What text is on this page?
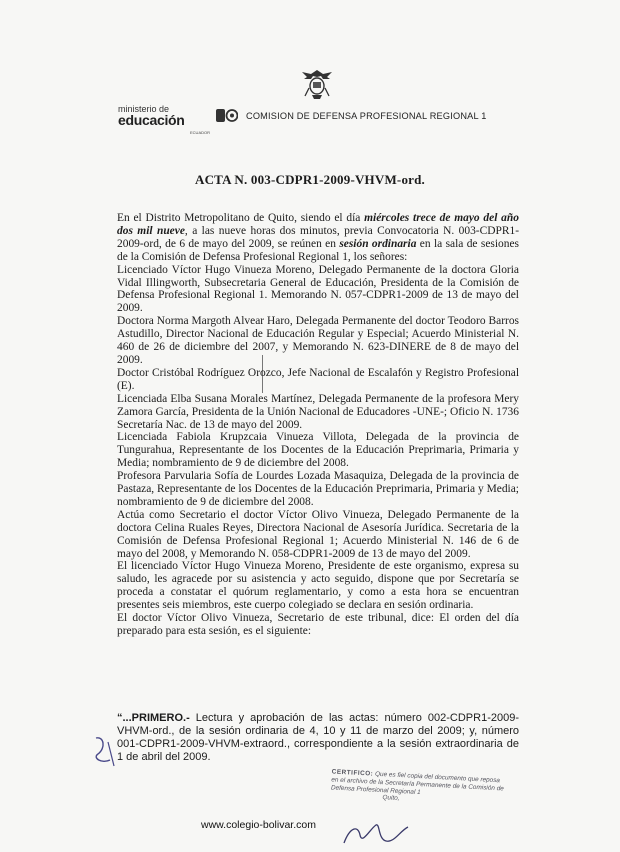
ministerio de
educación
ECUADOR
COMISION DE DEFENSA PROFESIONAL REGIONAL 1
ACTA N. 003-CDPR1-2009-VHVM-ord.

En el Distrito Metropolitano de Quito, siendo el día miércoles trece de mayo del año dos mil nueve, a las nueve horas dos minutos, previa Convocatoria N. 003-CDPR1-2009-ord, de 6 de mayo del 2009, se reúnen en sesión ordinaria en la sala de sesiones de la Comisión de Defensa Profesional Regional 1, los señores:

Licenciado Víctor Hugo Vinueza Moreno, Delegado Permanente de la doctora Gloria Vidal Illingworth, Subsecretaria General de Educación, Presidenta de la Comisión de Defensa Profesional Regional 1. Memorando N. 057-CDPR1-2009 de 13 de mayo del 2009.

Doctora Norma Margoth Alvear Haro, Delegada Permanente del doctor Teodoro Barros Astudillo, Director Nacional de Educación Regular y Especial; Acuerdo Ministerial N. 460 de 26 de diciembre del 2007, y Memorando N. 623-DINERE de 8 de mayo del 2009.

Doctor Cristóbal Rodríguez Orozco, Jefe Nacional de Escalafón y Registro Profesional (E).

Licenciada Elba Susana Morales Martínez, Delegada Permanente de la profesora Mery Zamora García, Presidenta de la Unión Nacional de Educadores -UNE-; Oficio N. 1736 Secretaría Nac. de 13 de mayo del 2009.

Licenciada Fabiola Krupzcaia Vinueza Villota, Delegada de la provincia de Tungurahua, Representante de los Docentes de la Educación Preprimaria, Primaria y Media; nombramiento de 9 de diciembre del 2008.

Profesora Parvularia Sofía de Lourdes Lozada Masaquiza, Delegada de la provincia de Pastaza, Representante de los Docentes de la Educación Preprimaria, Primaria y Media; nombramiento de 9 de diciembre del 2008.

Actúa como Secretario el doctor Víctor Olivo Vinueza, Delegado Permanente de la doctora Celina Ruales Reyes, Directora Nacional de Asesoría Jurídica. Secretaria de la Comisión de Defensa Profesional Regional 1; Acuerdo Ministerial N. 146 de 6 de mayo del 2008, y Memorando N. 058-CDPR1-2009 de 13 de mayo del 2009.

El licenciado Víctor Hugo Vinueza Moreno, Presidente de este organismo, expresa su saludo, les agracede por su asistencia y acto seguido, dispone que por Secretaría se proceda a constatar el quórum reglamentario, y como a esta hora se encuentran presentes seis miembros, este cuerpo colegiado se declara en sesión ordinaria.

El doctor Víctor Olivo Vinueza, Secretario de este tribunal, dice: El orden del día preparado para esta sesión, es el siguiente:

“...PRIMERO.- Lectura y aprobación de las actas: número 002-CDPR1-2009-VHVM-ord., de la sesión ordinaria de 4, 10 y 11 de marzo del 2009; y, número 001-CDPR1-2009-VHVM-extraord., correspondiente a la sesión extraordinaria de 1 de abril del 2009.
CERTIFICO: Que es fiel copia del documento que reposa en el archivo de la Secretaría Permanente de la Comisión de Defensa Profesional Regional 1
Quito,
www.colegio-bolivar.com
